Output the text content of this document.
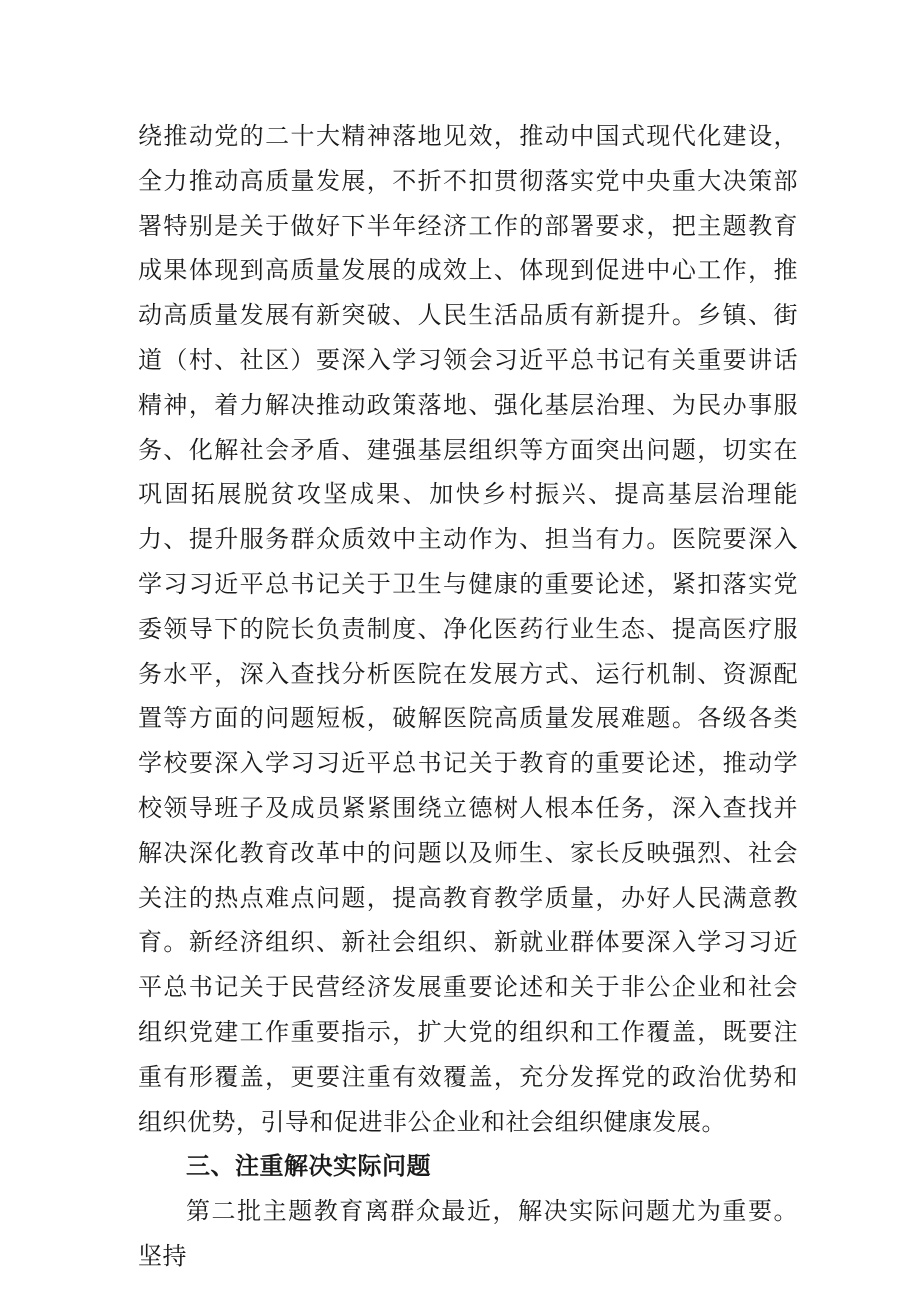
绕推动党的二十大精神落地见效，推动中国式现代化建设，全力推动高质量发展，不折不扣贯彻落实党中央重大决策部署特别是关于做好下半年经济工作的部署要求，把主题教育成果体现到高质量发展的成效上、体现到促进中心工作，推动高质量发展有新突破、人民生活品质有新提升。乡镇、街道（村、社区）要深入学习领会习近平总书记有关重要讲话精神，着力解决推动政策落地、强化基层治理、为民办事服务、化解社会矛盾、建强基层组织等方面突出问题，切实在巩固拓展脱贫攻坚成果、加快乡村振兴、提高基层治理能力、提升服务群众质效中主动作为、担当有力。医院要深入学习习近平总书记关于卫生与健康的重要论述，紧扣落实党委领导下的院长负责制度、净化医药行业生态、提高医疗服务水平，深入查找分析医院在发展方式、运行机制、资源配置等方面的问题短板，破解医院高质量发展难题。各级各类学校要深入学习习近平总书记关于教育的重要论述，推动学校领导班子及成员紧紧围绕立德树人根本任务，深入查找并解决深化教育改革中的问题以及师生、家长反映强烈、社会关注的热点难点问题，提高教育教学质量，办好人民满意教育。新经济组织、新社会组织、新就业群体要深入学习习近平总书记关于民营经济发展重要论述和关于非公企业和社会组织党建工作重要指示，扩大党的组织和工作覆盖，既要注重有形覆盖，更要注重有效覆盖，充分发挥党的政治优势和组织优势，引导和促进非公企业和社会组织健康发展。

三、注重解决实际问题

第二批主题教育离群众最近，解决实际问题尤为重要。坚持
